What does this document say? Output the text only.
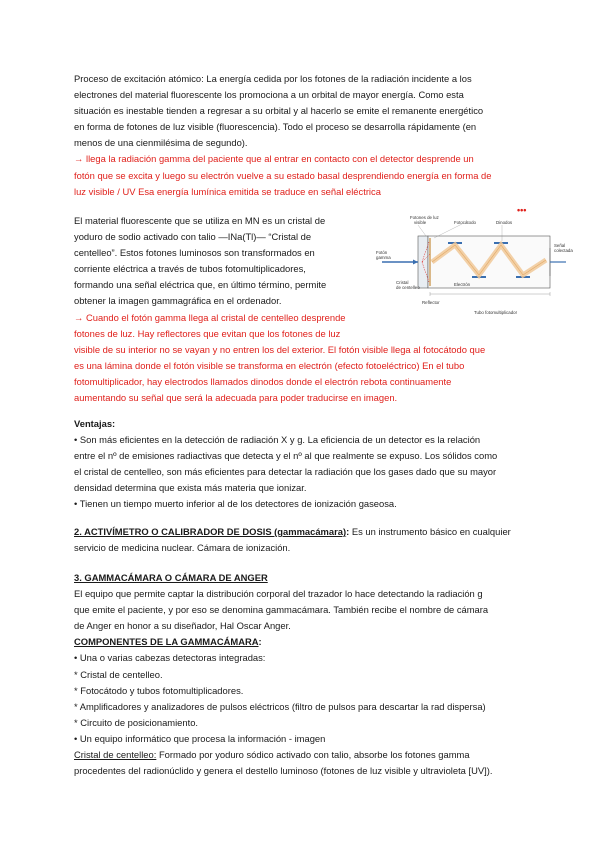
Proceso de excitación atómico: La energía cedida por los fotones de la radiación incidente a los

electrones del material fluorescente los promociona a un orbital de mayor energía. Como esta

situación es inestable tienden a regresar a su orbital y al hacerlo se emite el remanente energético

en forma de fotones de luz visible (fluorescencia). Todo el proceso se desarrolla rápidamente (en

menos de una cienmilésima de segundo).

→ llega la radiación gamma del paciente que al entrar en contacto con el detector desprende un

fotón que se excita y luego su electrón vuelve a su estado basal desprendiendo energía en forma de

luz visible / UV Esa energía lumínica emitida se traduce en señal eléctrica

•••

El material fluorescente que se utiliza en MN es un cristal de

yoduro de sodio activado con talio —INa(Tl)— “Cristal de

centelleo”. Estos fotones luminosos son transformados en

corriente eléctrica a través de tubos fotomultiplicadores,

formando una señal eléctrica que, en último término, permite

obtener la imagen gammagráfica en el ordenador.

→ Cuando el fotón gamma llega al cristal de centelleo desprende

fotones de luz. Hay reflectores que evitan que los fotones de luz

visible de su interior no se vayan y no entren los del exterior. El fotón visible llega al fotocátodo que

es una lámina donde el fotón visible se transforma en electrón (efecto fotoeléctrico) En el tubo

fotomultiplicador, hay electrodos llamados dinodos donde el electrón rebota continuamente

aumentando su señal que será la adecuada para poder traducirse en imagen.

Fotones de luz
visible	Fotocátodo	Dinodos
Señal
colectada
Fotón
gamma
Cristal
de centelleo
Electrón
Reflector
Tubo fotomultiplicador

Ventajas:

• Son más eficientes en la detección de radiación X y g. La eficiencia de un detector es la relación

entre el nº de emisiones radiactivas que detecta y el nº al que realmente se expuso. Los sólidos como

el cristal de centelleo, son más eficientes para detectar la radiación que los gases dado que su mayor

densidad determina que exista más materia que ionizar.

• Tienen un tiempo muerto inferior al de los detectores de ionización gaseosa.

2. ACTIVÍMETRO O CALIBRADOR DE DOSIS (gammacámara): Es un instrumento básico en cualquier

servicio de medicina nuclear. Cámara de ionización.

3. GAMMACÁMARA O CÁMARA DE ANGER

El equipo que permite captar la distribución corporal del trazador lo hace detectando la radiación g

que emite el paciente, y por eso se denomina gammacámara. También recibe el nombre de cámara

de Anger en honor a su diseñador, Hal Oscar Anger.

COMPONENTES DE LA GAMMACÁMARA:

• Una o varias cabezas detectoras integradas:

* Cristal de centelleo.

* Fotocátodo y tubos fotomultiplicadores.

* Amplificadores y analizadores de pulsos eléctricos (filtro de pulsos para descartar la rad dispersa)

* Circuito de posicionamiento.

• Un equipo informático que procesa la información - imagen

Cristal de centelleo: Formado por yoduro sódico activado con talio, absorbe los fotones gamma

procedentes del radionúclido y genera el destello luminoso (fotones de luz visible y ultravioleta [UV]).
